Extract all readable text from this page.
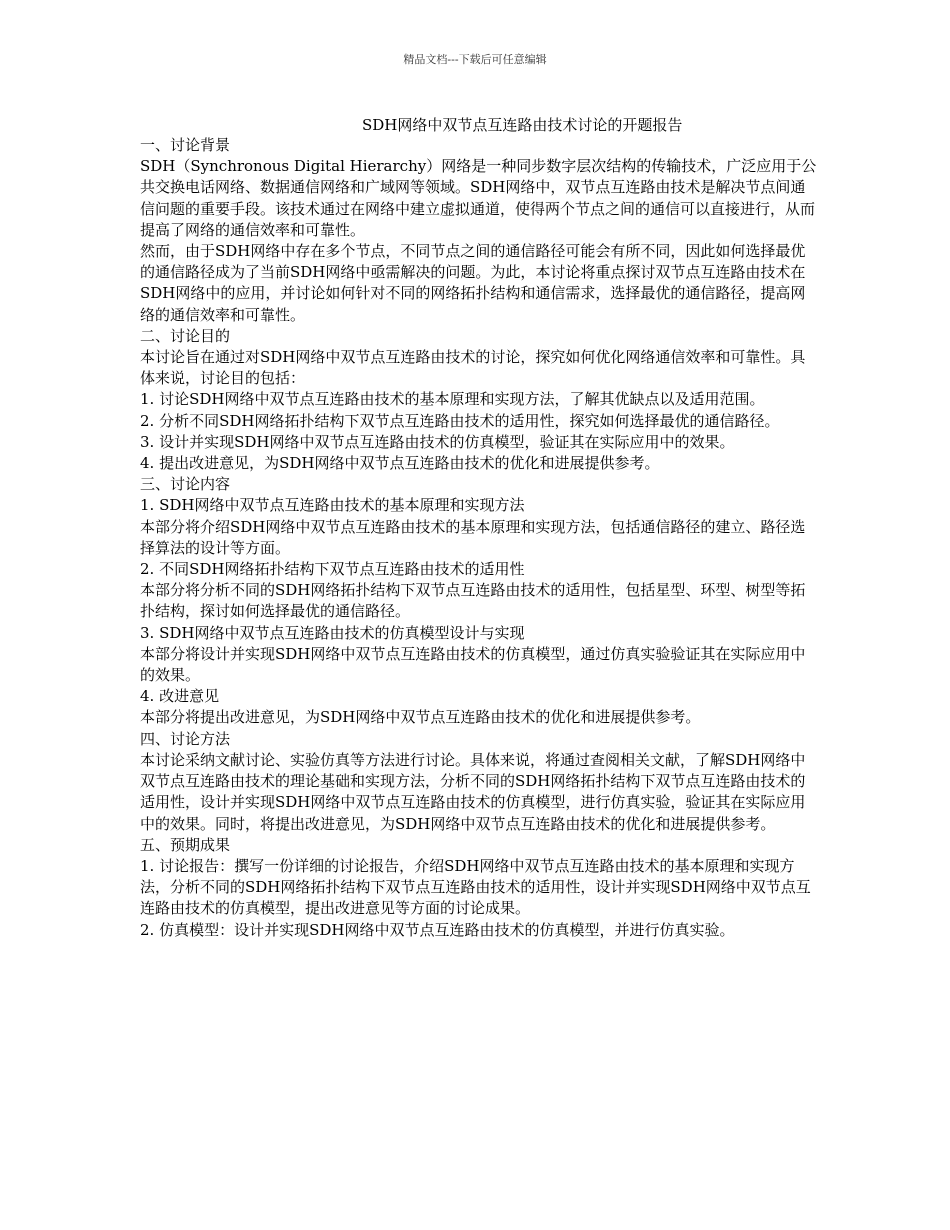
精品文档---下载后可任意编辑
SDH网络中双节点互连路由技术讨论的开题报告

一、讨论背景

SDH（Synchronous Digital Hierarchy）网络是一种同步数字层次结构的传输技术，广泛应用于公共交换电话网络、数据通信网络和广域网等领域。SDH网络中，双节点互连路由技术是解决节点间通信问题的重要手段。该技术通过在网络中建立虚拟通道，使得两个节点之间的通信可以直接进行，从而提高了网络的通信效率和可靠性。

然而，由于SDH网络中存在多个节点，不同节点之间的通信路径可能会有所不同，因此如何选择最优的通信路径成为了当前SDH网络中亟需解决的问题。为此，本讨论将重点探讨双节点互连路由技术在SDH网络中的应用，并讨论如何针对不同的网络拓扑结构和通信需求，选择最优的通信路径，提高网络的通信效率和可靠性。

二、讨论目的

本讨论旨在通过对SDH网络中双节点互连路由技术的讨论，探究如何优化网络通信效率和可靠性。具体来说，讨论目的包括：

1. 讨论SDH网络中双节点互连路由技术的基本原理和实现方法，了解其优缺点以及适用范围。

2. 分析不同SDH网络拓扑结构下双节点互连路由技术的适用性，探究如何选择最优的通信路径。

3. 设计并实现SDH网络中双节点互连路由技术的仿真模型，验证其在实际应用中的效果。

4. 提出改进意见，为SDH网络中双节点互连路由技术的优化和进展提供参考。

三、讨论内容

1. SDH网络中双节点互连路由技术的基本原理和实现方法

本部分将介绍SDH网络中双节点互连路由技术的基本原理和实现方法，包括通信路径的建立、路径选择算法的设计等方面。

2. 不同SDH网络拓扑结构下双节点互连路由技术的适用性

本部分将分析不同的SDH网络拓扑结构下双节点互连路由技术的适用性，包括星型、环型、树型等拓扑结构，探讨如何选择最优的通信路径。

3. SDH网络中双节点互连路由技术的仿真模型设计与实现

本部分将设计并实现SDH网络中双节点互连路由技术的仿真模型，通过仿真实验验证其在实际应用中的效果。

4. 改进意见

本部分将提出改进意见，为SDH网络中双节点互连路由技术的优化和进展提供参考。

四、讨论方法

本讨论采纳文献讨论、实验仿真等方法进行讨论。具体来说，将通过查阅相关文献，了解SDH网络中双节点互连路由技术的理论基础和实现方法，分析不同的SDH网络拓扑结构下双节点互连路由技术的适用性，设计并实现SDH网络中双节点互连路由技术的仿真模型，进行仿真实验，验证其在实际应用中的效果。同时，将提出改进意见，为SDH网络中双节点互连路由技术的优化和进展提供参考。

五、预期成果

1. 讨论报告：撰写一份详细的讨论报告，介绍SDH网络中双节点互连路由技术的基本原理和实现方法，分析不同的SDH网络拓扑结构下双节点互连路由技术的适用性，设计并实现SDH网络中双节点互连路由技术的仿真模型，提出改进意见等方面的讨论成果。

2. 仿真模型：设计并实现SDH网络中双节点互连路由技术的仿真模型，并进行仿真实验。
